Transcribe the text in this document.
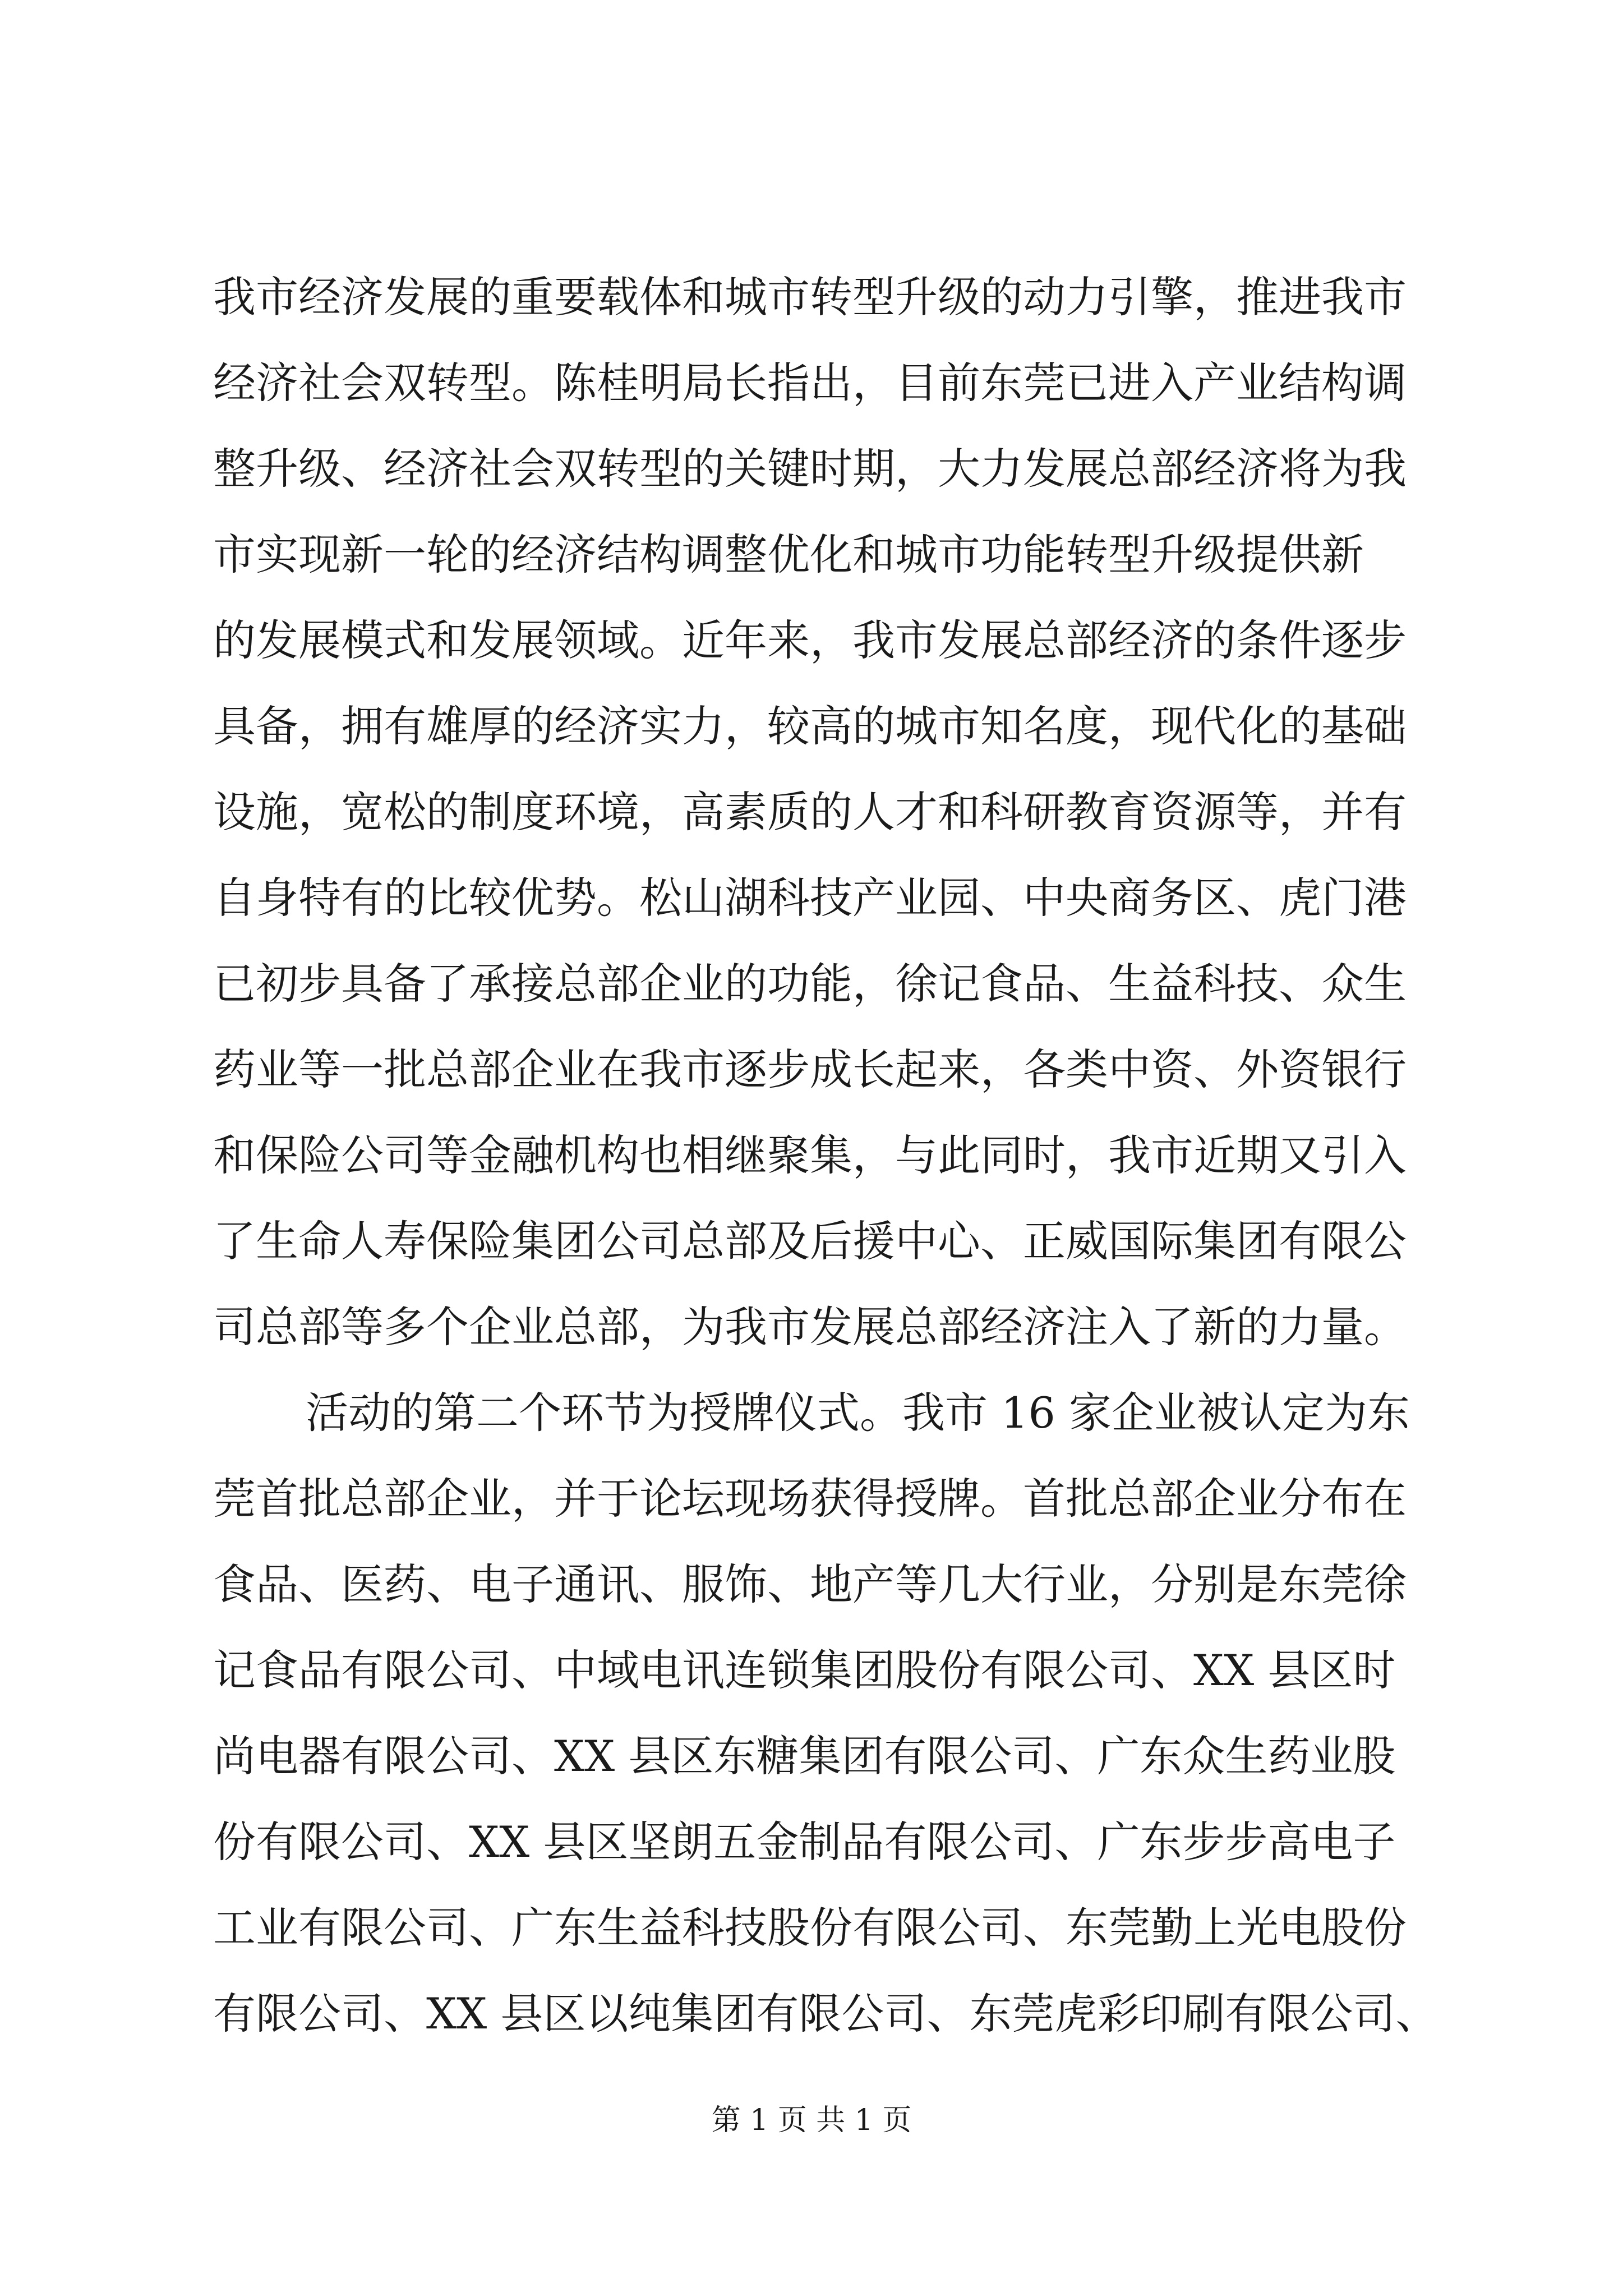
我市经济发展的重要载体和城市转型升级的动力引擎，推进我市
经济社会双转型。陈桂明局长指出，目前东莞已进入产业结构调
整升级、经济社会双转型的关键时期，大力发展总部经济将为我
市实现新一轮的经济结构调整优化和城市功能转型升级提供新
的发展模式和发展领域。近年来，我市发展总部经济的条件逐步
具备，拥有雄厚的经济实力，较高的城市知名度，现代化的基础
设施，宽松的制度环境，高素质的人才和科研教育资源等，并有
自身特有的比较优势。松山湖科技产业园、中央商务区、虎门港
已初步具备了承接总部企业的功能，徐记食品、生益科技、众生
药业等一批总部企业在我市逐步成长起来，各类中资、外资银行
和保险公司等金融机构也相继聚集，与此同时，我市近期又引入
了生命人寿保险集团公司总部及后援中心、正威国际集团有限公
司总部等多个企业总部，为我市发展总部经济注入了新的力量。
活动的第二个环节为授牌仪式。我市 16 家企业被认定为东
莞首批总部企业，并于论坛现场获得授牌。首批总部企业分布在
食品、医药、电子通讯、服饰、地产等几大行业，分别是东莞徐
记食品有限公司、中域电讯连锁集团股份有限公司、XX 县区时
尚电器有限公司、XX 县区东糖集团有限公司、广东众生药业股
份有限公司、XX 县区坚朗五金制品有限公司、广东步步高电子
工业有限公司、广东生益科技股份有限公司、东莞勤上光电股份
有限公司、XX 县区以纯集团有限公司、东莞虎彩印刷有限公司、
第 1 页 共 1 页
